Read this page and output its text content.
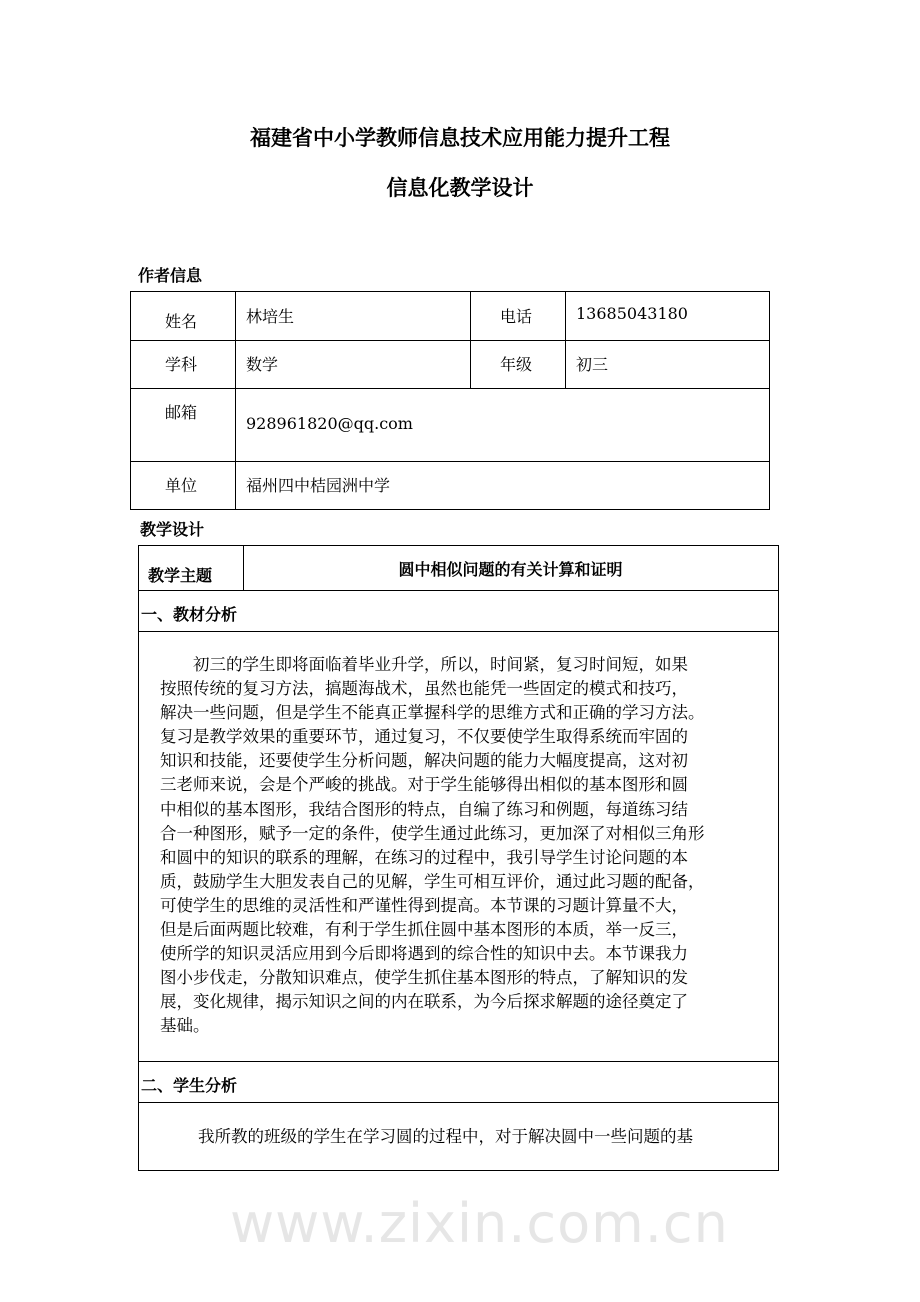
www.zixin.com.cn
福建省中小学教师信息技术应用能力提升工程
信息化教学设计
作者信息
姓名	林培生	电话	13685043180
学科	数学	年级	初三
邮箱
928961820@qq.com
单位	福州四中桔园洲中学
教学设计
教学主题	圆中相似问题的有关计算和证明
一、教材分析
初三的学生即将面临着毕业升学，所以，时间紧，复习时间短，如果
按照传统的复习方法，搞题海战术，虽然也能凭一些固定的模式和技巧，
解决一些问题，但是学生不能真正掌握科学的思维方式和正确的学习方法。
复习是教学效果的重要环节，通过复习，不仅要使学生取得系统而牢固的
知识和技能，还要使学生分析问题，解决问题的能力大幅度提高，这对初
三老师来说，会是个严峻的挑战。对于学生能够得出相似的基本图形和圆
中相似的基本图形，我结合图形的特点，自编了练习和例题，每道练习结
合一种图形，赋予一定的条件，使学生通过此练习，更加深了对相似三角形
和圆中的知识的联系的理解，在练习的过程中，我引导学生讨论问题的本
质，鼓励学生大胆发表自己的见解，学生可相互评价，通过此习题的配备，
可使学生的思维的灵活性和严谨性得到提高。本节课的习题计算量不大，
但是后面两题比较难，有利于学生抓住圆中基本图形的本质，举一反三，
使所学的知识灵活应用到今后即将遇到的综合性的知识中去。本节课我力
图小步伐走，分散知识难点，使学生抓住基本图形的特点，了解知识的发
展，变化规律，揭示知识之间的内在联系，为今后探求解题的途径奠定了
基础。
二、学生分析
我所教的班级的学生在学习圆的过程中，对于解决圆中一些问题的基
